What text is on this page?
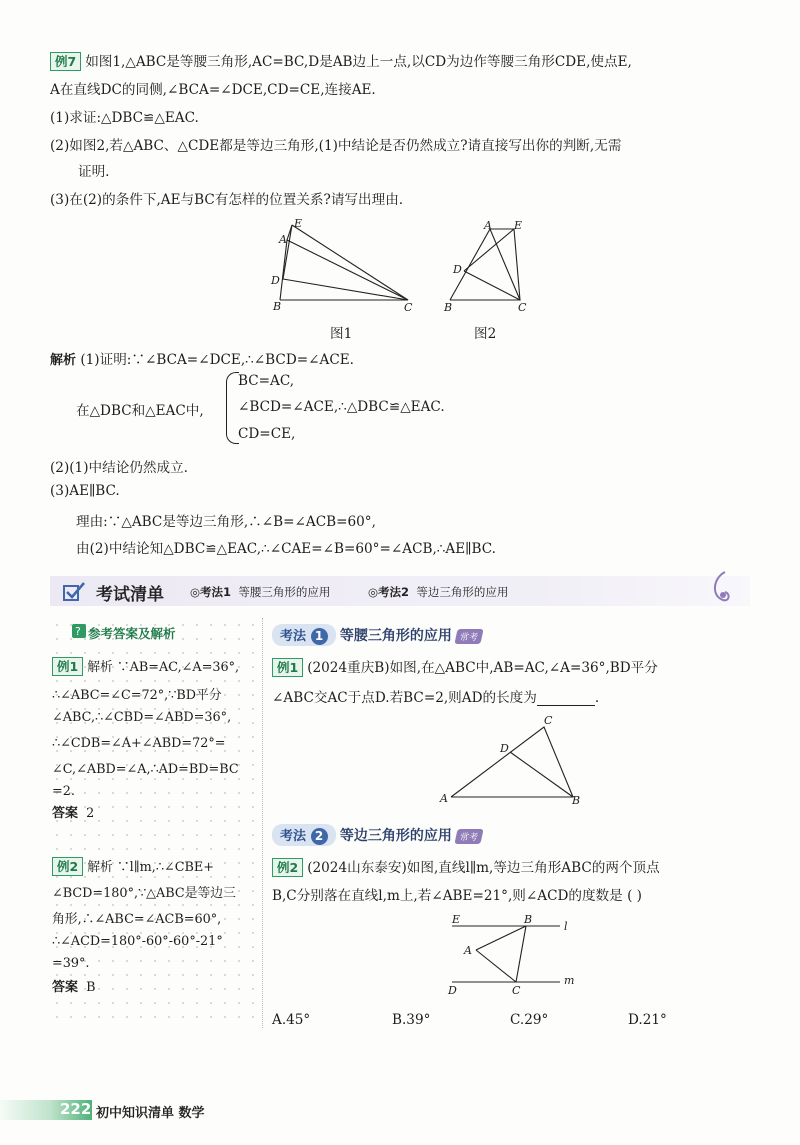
例7 如图1,△ABC是等腰三角形,AC=BC,D是AB边上一点,以CD为边作等腰三角形CDE,使点E,
A在直线DC的同侧,∠BCA=∠DCE,CD=CE,连接AE.
(1)求证:△DBC≌△EAC.
(2)如图2,若△ABC、△CDE都是等边三角形,(1)中结论是否仍然成立?请直接写出你的判断,无需
证明.
(3)在(2)的条件下,AE与BC有怎样的位置关系?请写出理由.
E
A
D
B	C
图1
A E
D
B	C
图2
解析 (1)证明:∵∠BCA=∠DCE,∴∠BCD=∠ACE.
在△DBC和△EAC中,
BC=AC,
∠BCD=∠ACE,∴△DBC≌△EAC.
CD=CE,
(2)(1)中结论仍然成立.
(3)AE∥BC.
理由:∵△ABC是等边三角形,∴∠B=∠ACB=60°,
由(2)中结论知△DBC≌△EAC,∴∠CAE=∠B=60°=∠ACB,∴AE∥BC.
考试清单 ◎考法1 等腰三角形的应用	◎考法2 等边三角形的应用
? 参考答案及解析
例1 解析 ∵AB=AC,∠A=36°,
∴∠ABC=∠C=72°,∵BD平分
∠ABC,∴∠CBD=∠ABD=36°,
∴∠CDB=∠A+∠ABD=72°=
∠C,∠ABD=∠A,∴AD=BD=BC
=2.
答案 2
例2 解析 ∵l∥m,∴∠CBE+
∠BCD=180°,∵△ABC是等边三
角形,∴∠ABC=∠ACB=60°,
∴∠ACD=180°-60°-60°-21°
=39°.
答案 B
考法 1 等腰三角形的应用 常考
例1 (2024重庆B)如图,在△ABC中,AB=AC,∠A=36°,BD平分
∠ABC交AC于点D.若BC=2,则AD的长度为	.
C
D
A	B
考法 2 等边三角形的应用 常考
例2 (2024山东泰安)如图,直线l∥m,等边三角形ABC的两个顶点
B,C分别落在直线l,m上,若∠ABE=21°,则∠ACD的度数是 ( )
E	B
l
A
D	C
m
A.45°	B.39°	C.29°	D.21°
222 初中知识清单 数学
